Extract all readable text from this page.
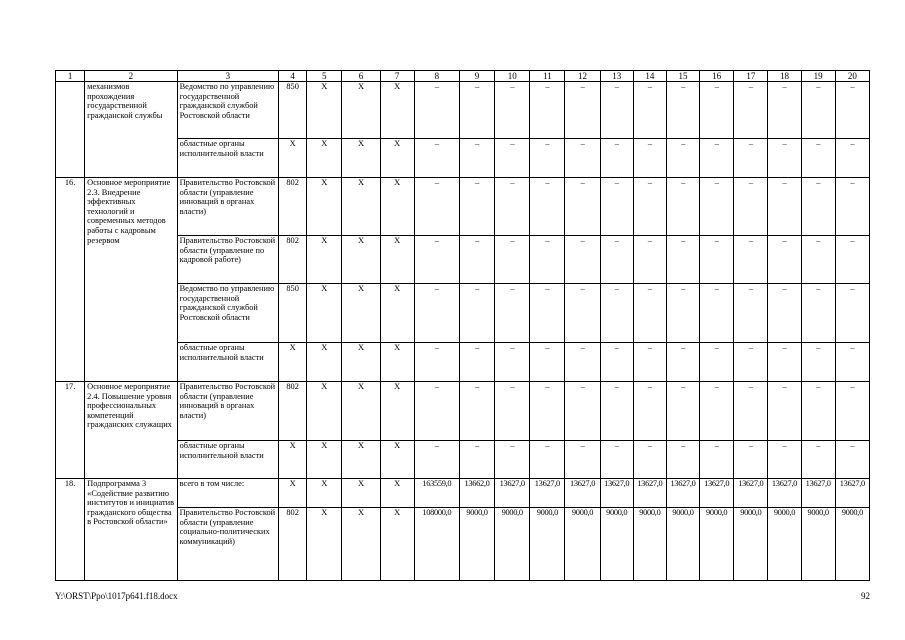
1	2	3	4	5	6	7	8	9	10	11	12	13	14	15	16	17	18	19	20
	механизмов прохождения государственной гражданской службы	Ведомство по управлению государственной гражданской службой Ростовской области	850	X	X	X	–	–	–	–	–	–	–	–	–	–	–	–	–
		областные органы исполнительной власти	X	X	X	X	–	–	–	–	–	–	–	–	–	–	–	–	–
16.	Основное мероприятие 2.3. Внедрение эффективных технологий и современных методов работы с кадровым резервом	Правительство Ростовской области (управление инноваций в органах власти)	802	X	X	X	–	–	–	–	–	–	–	–	–	–	–	–	–
		Правительство Ростовской области (управление по кадровой работе)	802	X	X	X	–	–	–	–	–	–	–	–	–	–	–	–	–
		Ведомство по управлению государственной гражданской службой Ростовской области	850	X	X	X	–	–	–	–	–	–	–	–	–	–	–	–	–
		областные органы исполнительной власти	X	X	X	X	–	–	–	–	–	–	–	–	–	–	–	–	–
17.	Основное мероприятие 2.4. Повышение уровня профессиональных компетенций гражданских служащих	Правительство Ростовской области (управление инноваций в органах власти)	802	X	X	X	–	–	–	–	–	–	–	–	–	–	–	–	–
		областные органы исполнительной власти	X	X	X	X	–	–	–	–	–	–	–	–	–	–	–	–	–
18.	Подпрограмма 3 «Содействие развитию институтов и инициатив гражданского общества в Ростовской области»	всего в том числе:	X	X	X	X	163559,0	13662,0	13627,0	13627,0	13627,0	13627,0	13627,0	13627,0	13627,0	13627,0	13627,0	13627,0	13627,0
		Правительство Ростовской области (управление социально-политических коммуникаций)	802	X	X	X	108000,0	9000,0	9000,0	9000,0	9000,0	9000,0	9000,0	9000,0	9000,0	9000,0	9000,0	9000,0	9000,0
Y:\ORST\Ppo\1017p641.f18.docx	92
